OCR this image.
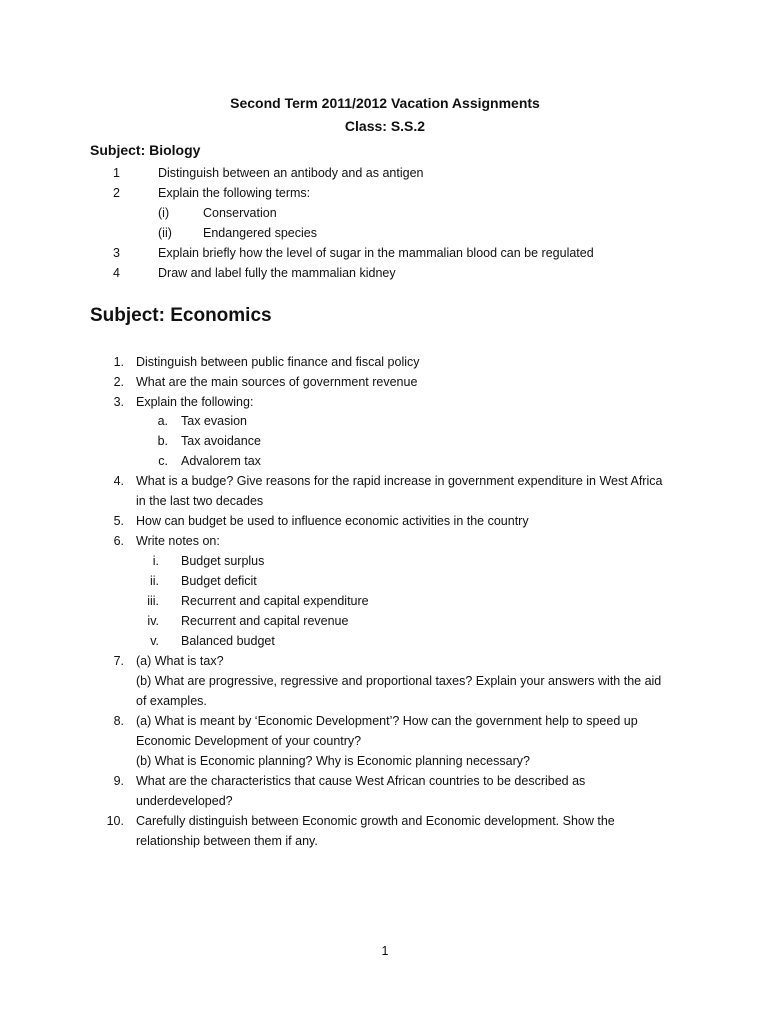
Second Term 2011/2012 Vacation Assignments
Class: S.S.2
Subject: Biology
1	Distinguish between an antibody and as antigen
2	Explain the following terms:
(i)	Conservation
(ii) Endangered species
3	Explain briefly how the level of sugar in the mammalian blood can be regulated
4	Draw and label fully the mammalian kidney
Subject: Economics
1. Distinguish between public finance and fiscal policy
2. What are the main sources of government revenue
3. Explain the following:
a. Tax evasion
b. Tax avoidance
c. Advalorem tax
4. What is a budge? Give reasons for the rapid increase in government expenditure in West Africa
in the last two decades
5. How can budget be used to influence economic activities in the country
6. Write notes on:
i. Budget surplus
ii. Budget deficit
iii. Recurrent and capital expenditure
iv. Recurrent and capital revenue
v. Balanced budget
7. (a) What is tax?
(b) What are progressive, regressive and proportional taxes? Explain your answers with the aid
of examples.
8. (a) What is meant by ‘Economic Development’? How can the government help to speed up
Economic Development of your country?
(b) What is Economic planning? Why is Economic planning necessary?
9. What are the characteristics that cause West African countries to be described as
underdeveloped?
10. Carefully distinguish between Economic growth and Economic development. Show the
relationship between them if any.
1
